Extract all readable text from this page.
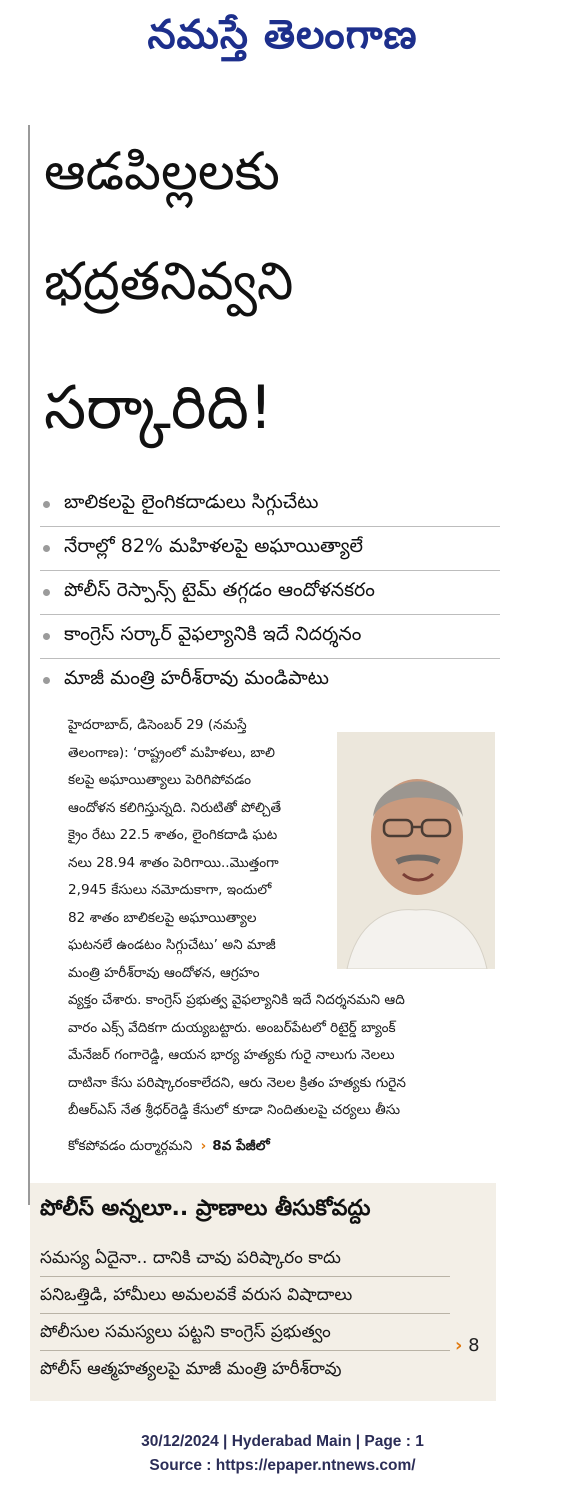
నమస్తే తెలంగాణ
ఆడపిల్లలకు
భద్రతనివ్వని
సర్కారిది!
బాలికలపై లైంగికదాడులు సిగ్గుచేటు
నేరాల్లో 82% మహిళలపై అఘాయిత్యాలే
పోలీస్ రెస్పాన్స్ టైమ్ తగ్గడం ఆందోళనకరం
కాంగ్రెస్ సర్కార్ వైఫల్యానికి ఇదే నిదర్శనం
మాజీ మంత్రి హరీశ్‌రావు మండిపాటు
హైదరాబాద్, డిసెంబర్ 29 (నమస్తే
తెలంగాణ): ‘రాష్ట్రంలో మహిళలు, బాలి
కలపై అఘాయిత్యాలు పెరిగిపోవడం
ఆందోళన కలిగిస్తున్నది. నిరుటితో పోల్చితే
క్రైం రేటు 22.5 శాతం, లైంగికదాడి ఘట
నలు 28.94 శాతం పెరిగాయి..మొత్తంగా
2,945 కేసులు నమోదుకాగా, ఇందులో
82 శాతం బాలికలపై అఘాయిత్యాల
ఘటనలే ఉండటం సిగ్గుచేటు’ అని మాజీ
మంత్రి హరీశ్‌రావు ఆందోళన, ఆగ్రహం
వ్యక్తం చేశారు. కాంగ్రెస్ ప్రభుత్వ వైఫల్యానికి ఇదే నిదర్శనమని ఆది
వారం ఎక్స్ వేదికగా దుయ్యబట్టారు. అంబర్‌పేటలో రిటైర్డ్ బ్యాంక్
మేనేజర్ గంగారెడ్డి, ఆయన భార్య హత్యకు గురై నాలుగు నెలలు
దాటినా కేసు పరిష్కారంకాలేదని, ఆరు నెలల క్రితం హత్యకు గురైన
బీఆర్‌ఎస్ నేత శ్రీధర్‌రెడ్డి కేసులో కూడా నిందితులపై చర్యలు తీసు
కోకపోవడం దుర్మార్గమని › 8వ పేజీలో
పోలీస్ అన్నలూ.. ప్రాణాలు తీసుకోవద్దు
సమస్య ఏదైనా.. దానికి చావు పరిష్కారం కాదు
పనిఒత్తిడి, హామీలు అమలవకే వరుస విషాదాలు
పోలీసుల సమస్యలు పట్టని కాంగ్రెస్ ప్రభుత్వం
పోలీస్ ఆత్మహత్యలపై మాజీ మంత్రి హరీశ్‌రావు
› 8
30/12/2024 | Hyderabad Main | Page : 1
Source : https://epaper.ntnews.com/
